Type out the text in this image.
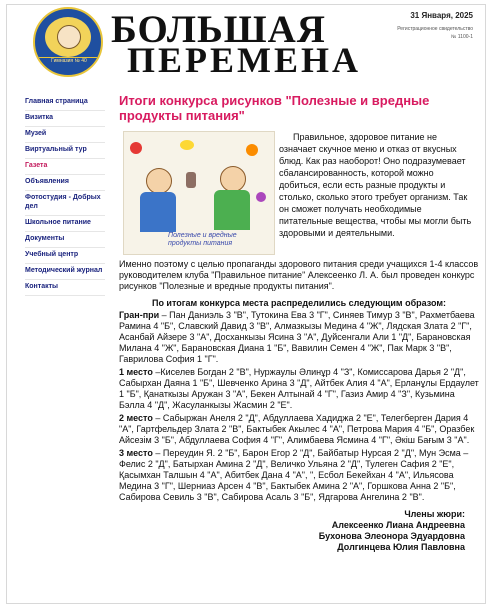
Гимназия № 40
БОЛЬШАЯ
ПЕРЕМЕНА
31 Января, 2025
Регистрационное свидетельство № 1100-1
Главная страница
Визитка
Музей
Виртуальный тур
Газета
Объявления
Фотостудия - Добрых дел
Школьное питание
Документы
Учебный центр
Методический журнал
Контакты
Итоги конкурса рисунков "Полезные и вредные продукты питания"
Полезные и вредные продукты питания

Правильное, здоровое питание не означает скучное меню и отказ от вкусных блюд. Как раз наоборот! Оно подразумевает сбалансированность, которой можно добиться, если есть разные продукты и столько, сколько этого требует организм. Так он сможет получать необходимые питательные вещества, чтобы мы могли быть здоровыми и деятельными.

Именно поэтому с целью пропаганды здорового питания среди учащихся 1-4 классов руководителем клуба "Правильное питание" Алексеенко Л. А. был проведен конкурс рисунков "Полезные и вредные продукты питания".

По итогам конкурса места распределились следующим образом:

Гран-при – Пан Даниэль 3 "В", Тутокина Ева 3 "Г", Синяев Тимур 3 "В", Рахметбаева Рамина 4 "Б", Славский Давид 3 "В", Алмазкызы Медина 4 "Ж", Лядская Злата 2 "Г", Асанбай Айзере 3 "А", Досханкызы Ясина 3 "А", Дуйсенгали Али 1 "Д", Барановская Милана 4 "Ж", Барановская Диана 1 "Б", Вавилин Семен 4 "Ж", Пак Марк 3 "В", Гаврилова София 1 "Г".

1 место –Киселев Богдан 2 "В", Нуржаулы Әлинұр 4 "З", Комиссарова Дарья 2 "Д", Сабырхан Даяна 1 "Б", Шевченко Арина 3 "Д", Айтбек Алия 4 "А", Ерланұлы Ердаулет 1 "Б", Қанаткызы Аружан 3 "А", Бекен Алтынай 4 "Г", Газиз Амир 4 "З", Кузьмина Бэлла 4 "Д", Жасуланкызы Жасмин 2 "Е".

2 место – Сабыржан Анеля 2 "Д", Абдуллаева Хадиджа 2 "Е", Телегберген Дария 4 "А", Гартфельдер Злата 2 "В", Бактыбек Акылес 4 "А", Петрова Мария 4 "Б", Оразбек Айсезім 3 "Б", Абдуллаева София 4 "Г", Алимбаева Ясмина 4 "Г", Әкіш Бағым 3 "А".

3 место – Переудин Я. 2 "Б", Барон Егор 2 "Д", Байбатыр Нурсая 2 "Д", Мун Эсма – Фелис 2 "Д", Батырхан Амина 2 "Д", Величко Ульяна 2 "Д", Тулеген Сафия 2 "Е", Қасымхан Талшын 4 "А", Абитбек Дана 4 "А", ", Есбол Бекейхан 4 "А", Ильясова Медина 3 "Г", Шерниаз Арсен 4 "В", Бактыбек Амина 2 "А", Горшкова Анна 2 "Б", Сабирова Севиль 3 "В", Сабирова Асаль 3 "Б", Ядгарова Ангелина 2 "В".

Члены жюри:
Алексеенко Лиана Андреевна
Бухонова Элеонора Эдуардовна
Долгинцева Юлия Павловна
